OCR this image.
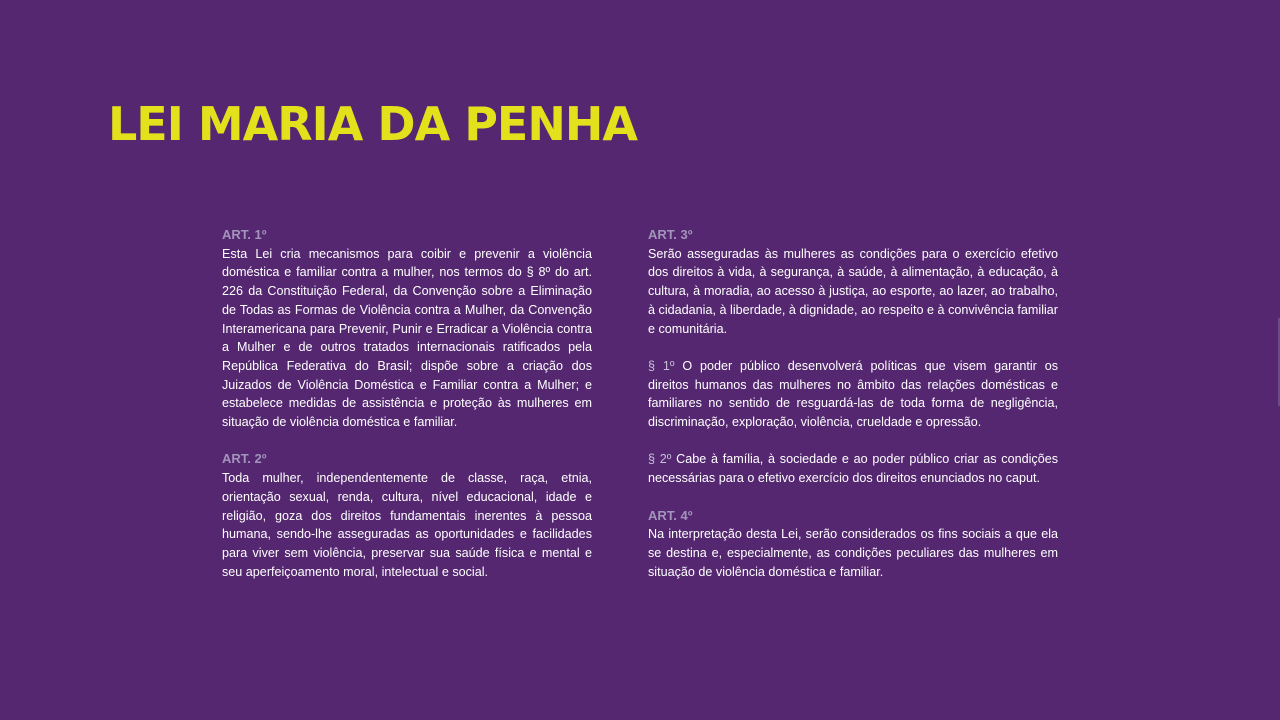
LEI MARIA DA PENHA

ART. 1º

Esta Lei cria mecanismos para coibir e prevenir a violência doméstica e familiar contra a mulher, nos termos do § 8º do art. 226 da Constituição Federal, da Convenção sobre a Eliminação de Todas as Formas de Violência contra a Mulher, da Convenção Interamericana para Prevenir, Punir e Erradicar a Violência contra a Mulher e de outros tratados internacionais ratificados pela República Federativa do Brasil; dispõe sobre a criação dos Juizados de Violência Doméstica e Familiar contra a Mulher; e estabelece medidas de assistência e proteção às mulheres em situação de violência doméstica e familiar.

ART. 2º

Toda mulher, independentemente de classe, raça, etnia, orientação sexual, renda, cultura, nível educacional, idade e religião, goza dos direitos fundamentais inerentes à pessoa humana, sendo-lhe asseguradas as oportunidades e facilidades para viver sem violência, preservar sua saúde física e mental e seu aperfeiçoamento moral, intelectual e social.

ART. 3º

Serão asseguradas às mulheres as condições para o exercício efetivo dos direitos à vida, à segurança, à saúde, à alimentação, à educação, à cultura, à moradia, ao acesso à justiça, ao esporte, ao lazer, ao trabalho, à cidadania, à liberdade, à dignidade, ao respeito e à convivência familiar e comunitária.

§ 1º O poder público desenvolverá políticas que visem garantir os direitos humanos das mulheres no âmbito das relações domésticas e familiares no sentido de resguardá-las de toda forma de negligência, discriminação, exploração, violência, crueldade e opressão.

§ 2º Cabe à família, à sociedade e ao poder público criar as condições necessárias para o efetivo exercício dos direitos enunciados no caput.

ART. 4º

Na interpretação desta Lei, serão considerados os fins sociais a que ela se destina e, especialmente, as condições peculiares das mulheres em situação de violência doméstica e familiar.
